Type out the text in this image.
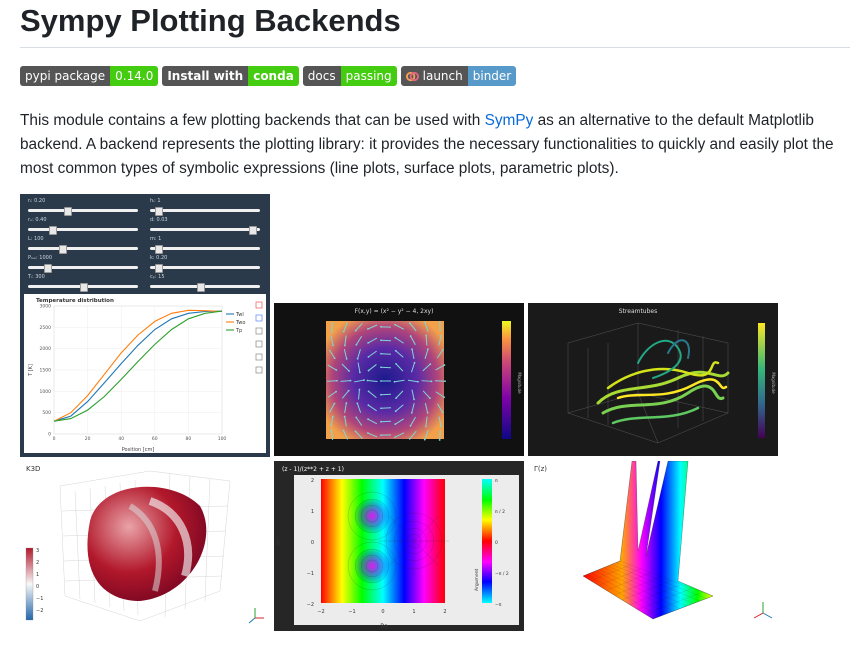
Sympy Plotting Backends
pypi package 0.14.0	Install with conda	docs passing	launch binder

This module contains a few plotting backends that can be used with SymPy as an alternative to the default Matplotlib backend. A backend represents the plotting library: it provides the necessary functionalities to quickly and easily plot the most common types of symbolic expressions (line plots, surface plots, parametric plots).

rₗ: 0.20	hᵢ: 1
rₒ: 0.40	d: 0.03
L: 100	m: 1
Pₗₒₔ: 1000	k: 0.20
Tᵢ: 300	cₚ: 15
Temperature distribution
0
500
1000
1500
2000
2500
3000
0	20	40	60	80	100
Position [cm]
T [K]
Twl
Two
Tp
F(x,y) = (x² − y² − 4, 2xy)
Magnitude
Streamtubes
Magnitude
K3D
3
2
1
0
−1
−2
(z - 1)/(z**2 + z + 1)
−2	−1	0	1	2
2
1
0
−1
−2
π
π / 2
0
−π / 2
−π
Re
Im
Argument
Γ(z)
